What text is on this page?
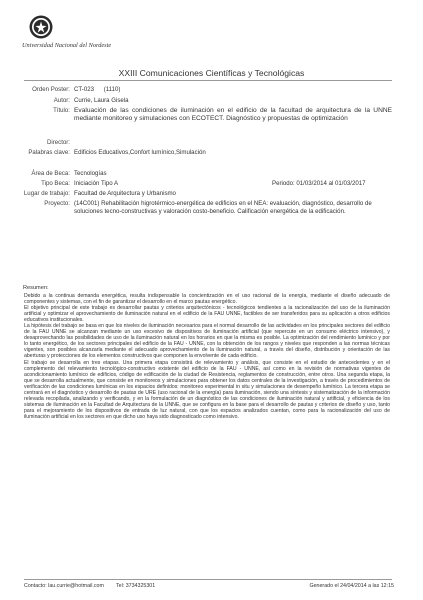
Universidad Nacional del Nordeste
XXIII Comunicaciones Científicas y Tecnológicas
Orden Poster: CT-023 (1110)
Autor: Currie, Laura Gisela
Título: Evaluación de las condiciones de iluminación en el edificio de la facultad de arquitectura de la UNNE mediante monitoreo y simulaciones con ECOTECT. Diagnóstico y propuestas de optimización
Director:
Palabras clave: Edificios Educativos,Confort lumínico,Simulación
Área de Beca: Tecnologías
Tipo Beca: Iniciación Tipo A	Periodo: 01/03/2014 al 01/03/2017
Lugar de trabajo: Facultad de Arquitectura y Urbanismo
Proyecto: (14C001) Rehabilitación higrotérmico-energética de edificios en el NEA: evaluación, diagnóstico, desarrollo de soluciones tecno-constructivas y valoración costo-beneficio. Calificación energética de la edificación.
Resumen:

Debido a la continua demanda energética, resulta indispensable la concientización en el uso racional de la energía, mediante el diseño adecuado de componentes y sistemas, con el fin de garantizar el desarrollo en el marco pautas energético.

El objetivo principal de este trabajo es desarrollar pautas y criterios arquitectónicos - tecnológicos tendientes a la racionalización del uso de la iluminación artificial y optimizar el aprovechamiento de iluminación natural en el edificio de la FAU UNNE, factibles de ser transferidos para su aplicación a otros edificios educativos institucionales.

La hipótesis del trabajo se basa en que los niveles de iluminación necesarios para el normal desarrollo de las actividades en los principales sectores del edificio de la FAU UNNE se alcanzan mediante un uso excesivo de dispositivos de iluminación artificial (que repercute en un consumo eléctrico intensivo), y desaprovechando las posibilidades de uso de la iluminación natural en los horarios en que la misma es posible. La optimización del rendimiento lumínico y por lo tanto energético, de los sectores principales del edificio de la FAU - UNNE, con la obtención de los rangos y niveles que responden a las normas técnicas vigentes, son posibles alcanzarla mediante el adecuado aprovechamiento de la iluminación natural, a través del diseño, distribución y orientación de las aberturas y protecciones de los elementos constructivos que componen la envolvente de cada edificio.

El trabajo se desarrolla en tres etapas. Una primera etapa consistirá de relevamiento y análisis, que consiste en el estudio de antecedentes y en el complemento del relevamiento tecnológico-constructivo existente del edificio de la FAU - UNNE, así como en la revisión de normativas vigentes de acondicionamiento lumínico de edificios, código de edificación de la ciudad de Resistencia, reglamentos de construcción, entre otros. Una segunda etapa, la que se desarrolla actualmente, que consiste en monitoreos y simulaciones para obtener los datos centrales de la investigación, a través de procedimientos de verificación de las condiciones lumínicas en los espacios definidos: monitoreo experimental in situ y simulaciones de desempeño lumínico. La tercera etapa se centrará en el diagnóstico y desarrollo de pautas de URE (uso racional de la energía) para iluminación, siendo una síntesis y sistematización de la información relevada recopilada, analizando y verificando, y en la formulación de un diagnóstico de las condiciones de iluminación natural y artificial, y eficiencia de los sistemas de iluminación en la Facultad de Arquitectura de la UNNE, que se configura en la base para el desarrollo de pautas y criterios de diseño y uso, tanto para el mejoramiento de los dispositivos de entrada de luz natural, con que los espacios analizados cuentan, como para la racionalización del uso de iluminación artificial en los sectores en que dicho uso haya sido diagnosticado como intensivo.

Contacto: lau.currie@hotmail.com Tel: 3734325301	Generado el 24/04/2014 a las 12:15
